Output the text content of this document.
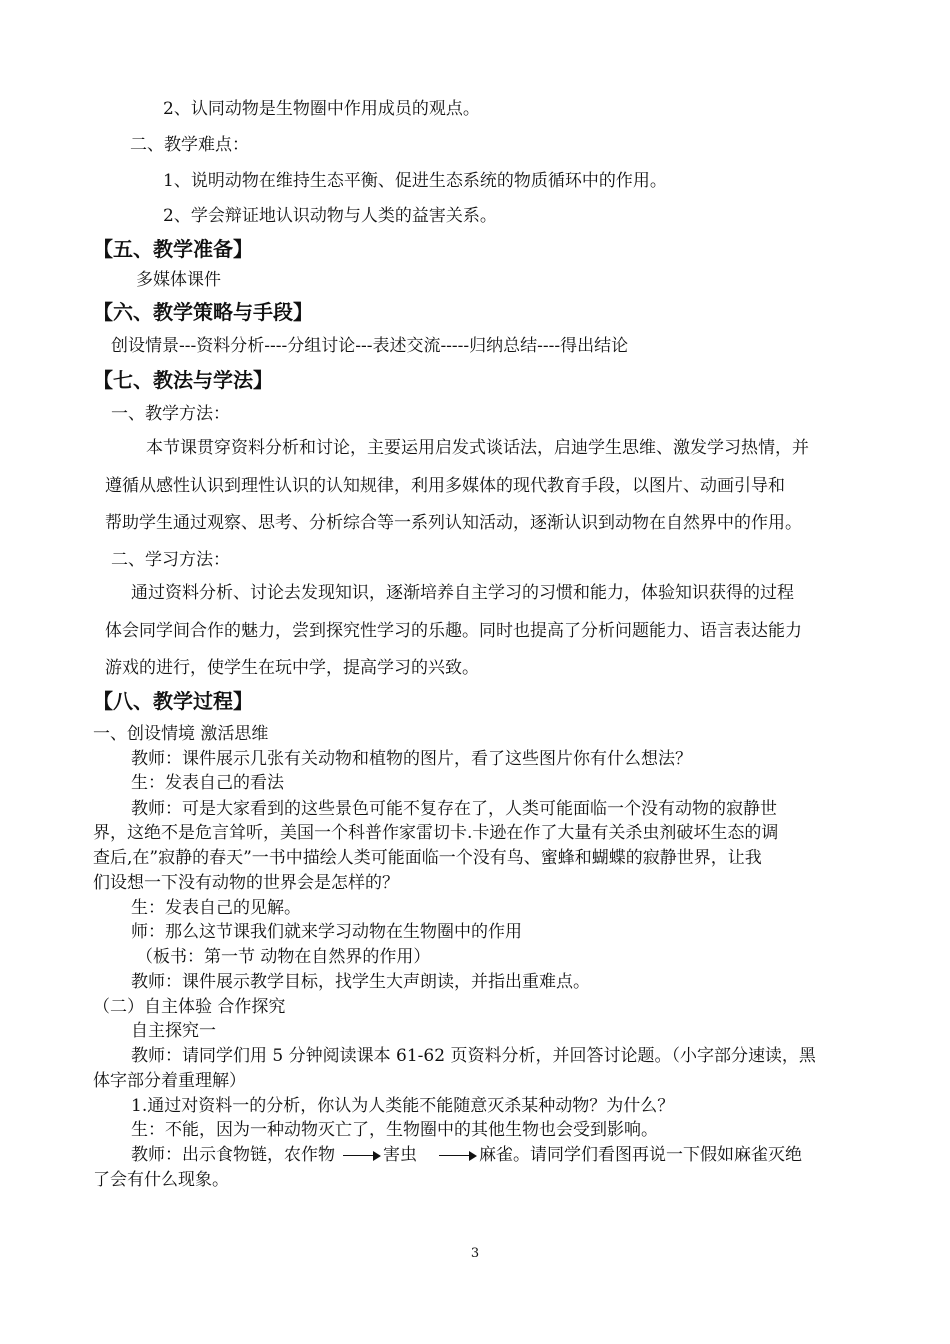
2、认同动物是生物圈中作用成员的观点。
二、教学难点：
1、说明动物在维持生态平衡、促进生态系统的物质循环中的作用。
2、学会辩证地认识动物与人类的益害关系。
【五、教学准备】
多媒体课件
【六、教学策略与手段】
创设情景---资料分析----分组讨论---表述交流-----归纳总结----得出结论
【七、教法与学法】
一、教学方法：
本节课贯穿资料分析和讨论，主要运用启发式谈话法，启迪学生思维、激发学习热情，并
遵循从感性认识到理性认识的认知规律，利用多媒体的现代教育手段，以图片、动画引导和
帮助学生通过观察、思考、分析综合等一系列认知活动，逐渐认识到动物在自然界中的作用。
二、学习方法：
通过资料分析、讨论去发现知识，逐渐培养自主学习的习惯和能力，体验知识获得的过程
体会同学间合作的魅力，尝到探究性学习的乐趣。同时也提高了分析问题能力、语言表达能力
游戏的进行，使学生在玩中学，提高学习的兴致。
【八、教学过程】
一、创设情境 激活思维
教师：课件展示几张有关动物和植物的图片，看了这些图片你有什么想法？
生：发表自己的看法
教师：可是大家看到的这些景色可能不复存在了，人类可能面临一个没有动物的寂静世
界，这绝不是危言耸听，美国一个科普作家雷切卡.卡逊在作了大量有关杀虫剂破坏生态的调
查后,在”寂静的春天”一书中描绘人类可能面临一个没有鸟、蜜蜂和蝴蝶的寂静世界，让我
们设想一下没有动物的世界会是怎样的？
生：发表自己的见解。
师：那么这节课我们就来学习动物在生物圈中的作用
（板书：第一节 动物在自然界的作用）
教师：课件展示教学目标，找学生大声朗读，并指出重难点。
（二）自主体验 合作探究
自主探究一
教师：请同学们用 5 分钟阅读课本 61-62 页资料分析，并回答讨论题。（小字部分速读，黑
体字部分着重理解）
1.通过对资料一的分析，你认为人类能不能随意灭杀某种动物？为什么？
生：不能，因为一种动物灭亡了，生物圈中的其他生物也会受到影响。
教师：出示食物链，农作物	害虫	麻雀。请同学们看图再说一下假如麻雀灭绝
了会有什么现象。
3
